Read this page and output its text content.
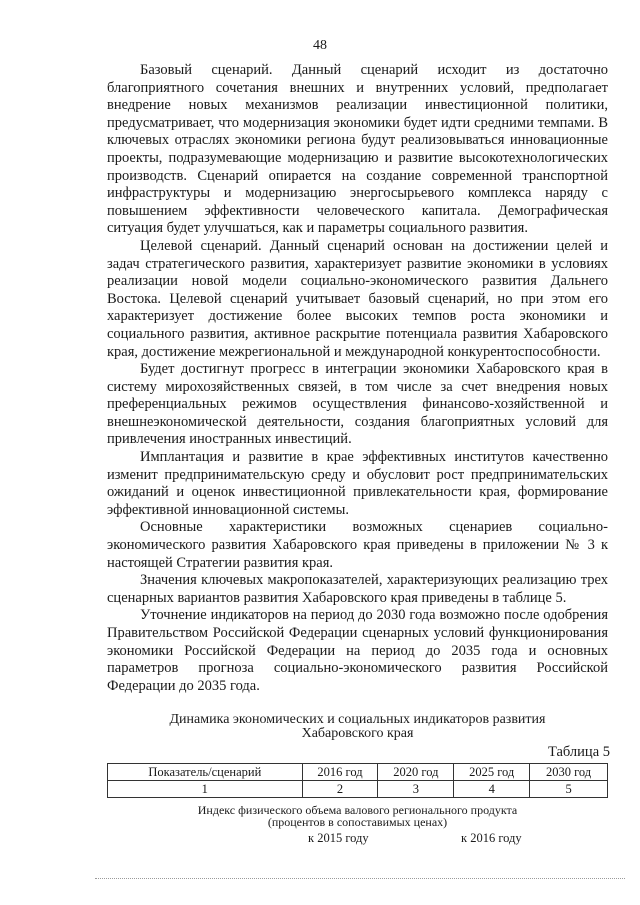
48

Базовый сценарий. Данный сценарий исходит из достаточно благоприятного сочетания внешних и внутренних условий, предполагает внедрение новых механизмов реализации инвестиционной политики, предусматривает, что модернизация экономики будет идти средними темпами. В ключевых отраслях экономики региона будут реализовываться инновационные проекты, подразумевающие модернизацию и развитие высокотехнологических производств. Сценарий опирается на создание современной транспортной инфраструктуры и модернизацию энергосырьевого комплекса наряду с повышением эффективности человеческого капитала. Демографическая ситуация будет улучшаться, как и параметры социального развития.

Целевой сценарий. Данный сценарий основан на достижении целей и задач стратегического развития, характеризует развитие экономики в условиях реализации новой модели социально-экономического развития Дальнего Востока. Целевой сценарий учитывает базовый сценарий, но при этом его характеризует достижение более высоких темпов роста экономики и социального развития, активное раскрытие потенциала развития Хабаровского края, достижение межрегиональной и международной конкурентоспособности.

Будет достигнут прогресс в интеграции экономики Хабаровского края в систему мирохозяйственных связей, в том числе за счет внедрения новых преференциальных режимов осуществления финансово-хозяйственной и внешнеэкономической деятельности, создания благоприятных условий для привлечения иностранных инвестиций.

Имплантация и развитие в крае эффективных институтов качественно изменит предпринимательскую среду и обусловит рост предпринимательских ожиданий и оценок инвестиционной привлекательности края, формирование эффективной инновационной системы.

Основные характеристики возможных сценариев социально-экономического развития Хабаровского края приведены в приложении № 3 к настоящей Стратегии развития края.

Значения ключевых макропоказателей, характеризующих реализацию трех сценарных вариантов развития Хабаровского края приведены в таблице 5.

Уточнение индикаторов на период до 2030 года возможно после одобрения Правительством Российской Федерации сценарных условий функционирования экономики Российской Федерации на период до 2035 года и основных параметров прогноза социально-экономического развития Российской Федерации до 2035 года.

Динамика экономических и социальных индикаторов развития
Хабаровского края
Таблица 5
Показатель/сценарий	2016 год	2020 год	2025 год	2030 год
1	2	3	4	5
Индекс физического объема валового регионального продукта
(процентов в сопоставимых ценах)
к 2015 году	к 2016 году
